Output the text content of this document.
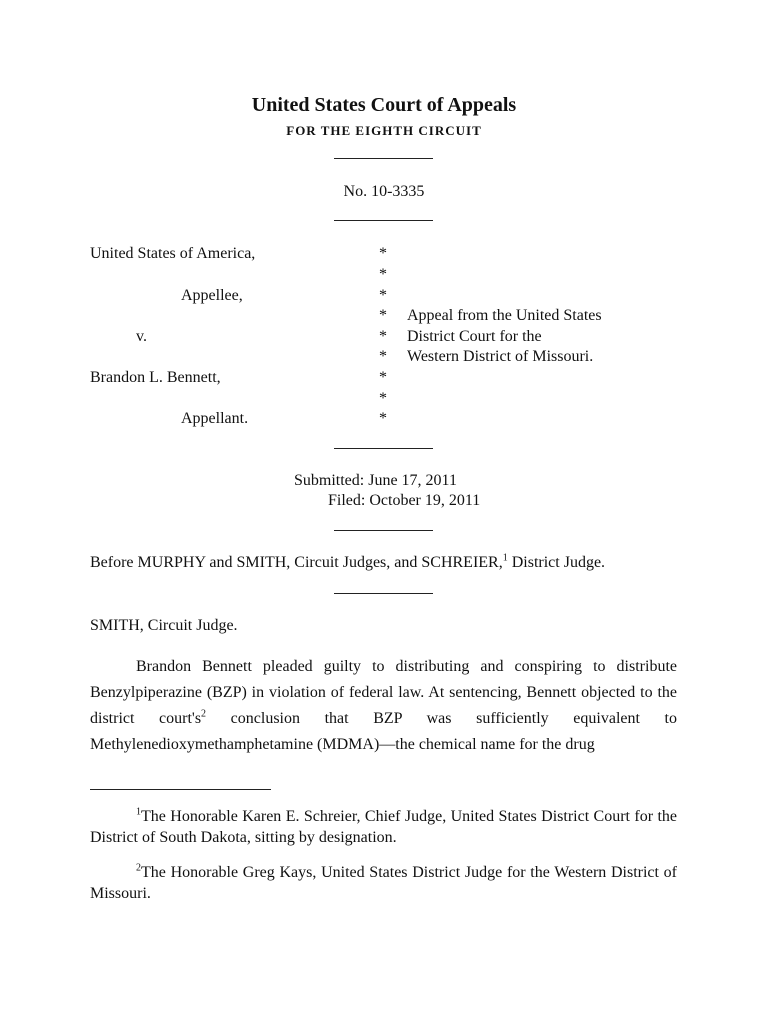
United States Court of Appeals
FOR THE EIGHTH CIRCUIT
No. 10-3335
United States of America,
Appellee,
v.
Brandon L. Bennett,
Appellant.
*
*
*
*
*
*
*
*
*
Appeal from the United States
District Court for the
Western District of Missouri.
Submitted: June 17, 2011
Filed: October 19, 2011
Before MURPHY and SMITH, Circuit Judges, and SCHREIER,$^1$ District Judge.
SMITH, Circuit Judge.

Brandon Bennett pleaded guilty to distributing and conspiring to distribute Benzylpiperazine (BZP) in violation of federal law. At sentencing, Bennett objected to the district $court's^2$ conclusion that BZP was sufficiently equivalent to Methylenedioxymethamphetamine (MDMA)—the chemical name for the drug

$^1$The Honorable Karen E. Schreier, Chief Judge, United States District Court for the District of South Dakota, sitting by designation.

$^2$The Honorable Greg Kays, United States District Judge for the Western District of Missouri.
